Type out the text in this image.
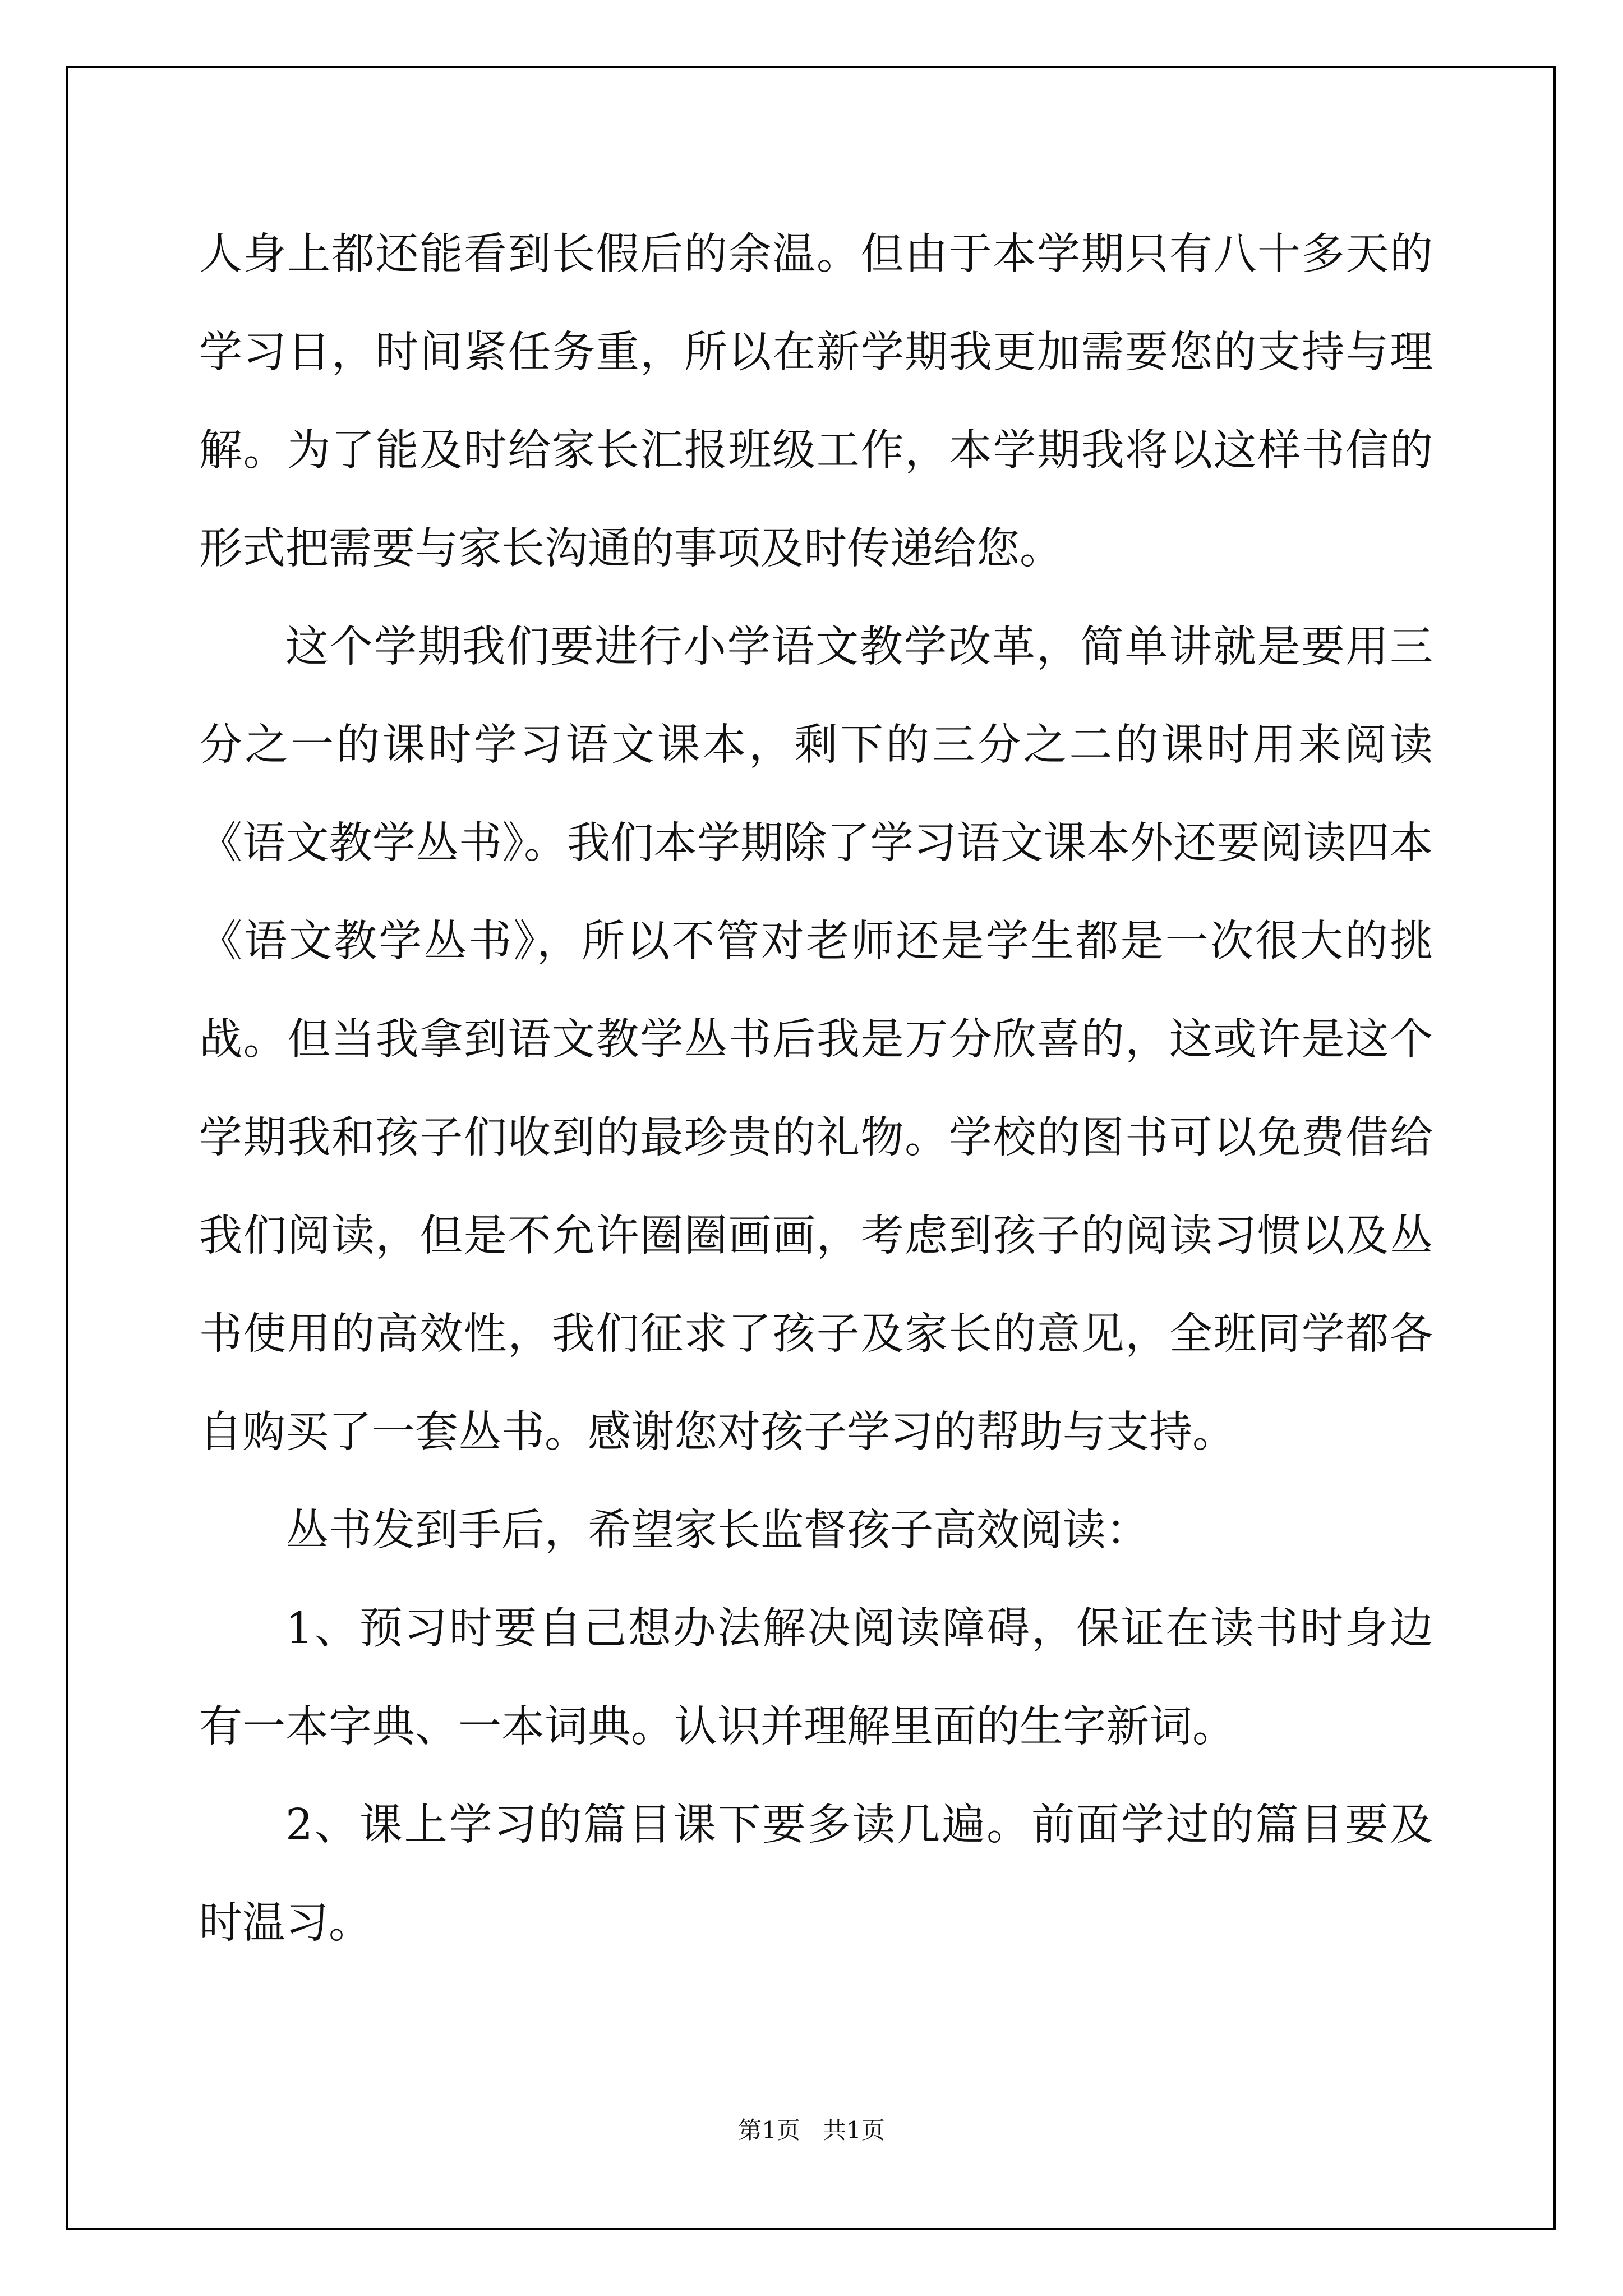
人身上都还能看到长假后的余温。但由于本学期只有八十多天的学习日，时间紧任务重，所以在新学期我更加需要您的支持与理解。为了能及时给家长汇报班级工作，本学期我将以这样书信的形式把需要与家长沟通的事项及时传递给您。

这个学期我们要进行小学语文教学改革，简单讲就是要用三分之一的课时学习语文课本，剩下的三分之二的课时用来阅读《语文教学丛书》。我们本学期除了学习语文课本外还要阅读四本《语文教学丛书》，所以不管对老师还是学生都是一次很大的挑战。但当我拿到语文教学丛书后我是万分欣喜的，这或许是这个学期我和孩子们收到的最珍贵的礼物。学校的图书可以免费借给我们阅读，但是不允许圈圈画画，考虑到孩子的阅读习惯以及丛书使用的高效性，我们征求了孩子及家长的意见，全班同学都各自购买了一套丛书。感谢您对孩子学习的帮助与支持。

丛书发到手后，希望家长监督孩子高效阅读：

1、预习时要自己想办法解决阅读障碍，保证在读书时身边有一本字典、一本词典。认识并理解里面的生字新词。

2、课上学习的篇目课下要多读几遍。前面学过的篇目要及时温习。

第1页 共1页
